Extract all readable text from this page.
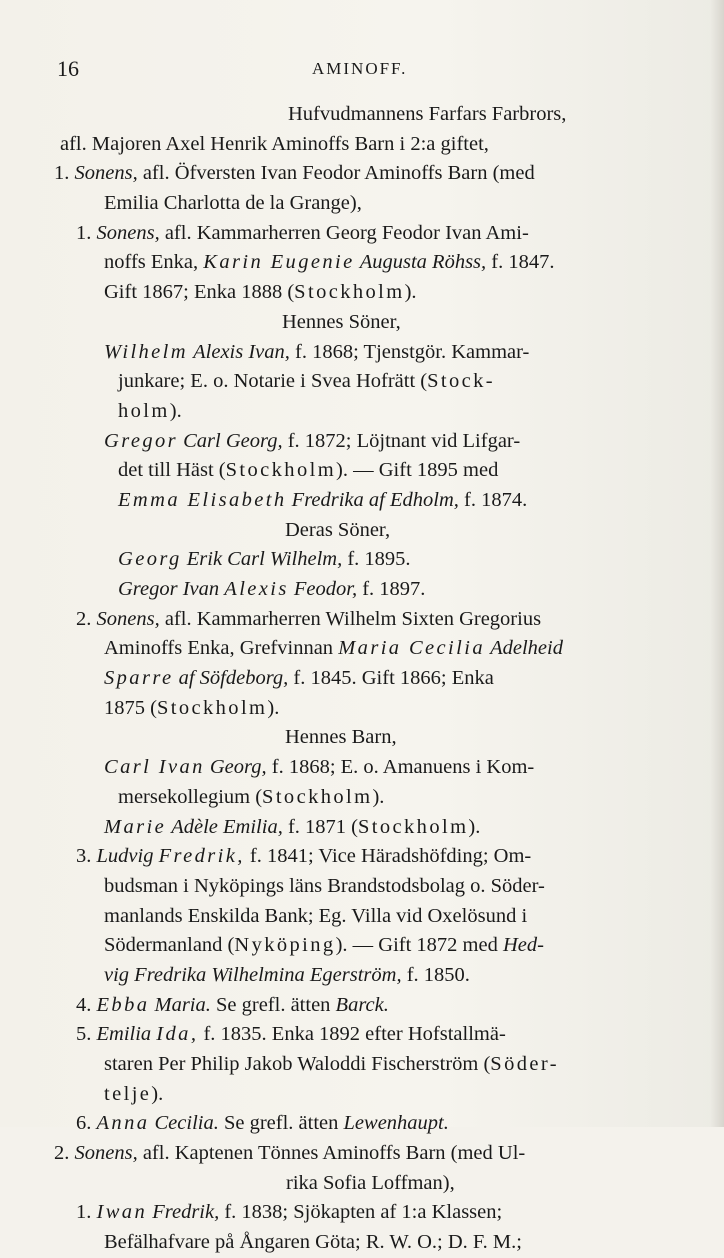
16	AMINOFF.
Hufvudmannens Farfars Farbrors,
afl. Majoren Axel Henrik Aminoffs Barn i 2:a giftet,
1. Sonens, afl. Öfversten Ivan Feodor Aminoffs Barn (med
Emilia Charlotta de la Grange),
1. Sonens, afl. Kammarherren Georg Feodor Ivan Ami-
noffs Enka, Karin Eugenie Augusta Röhss, f. 1847.
Gift 1867; Enka 1888 (Stockholm).
Hennes Söner,
Wilhelm Alexis Ivan, f. 1868; Tjenstgör. Kammar-
junkare; E. o. Notarie i Svea Hofrätt (Stock-
holm).
Gregor Carl Georg, f. 1872; Löjtnant vid Lifgar-
det till Häst (Stockholm). — Gift 1895 med
Emma Elisabeth Fredrika af Edholm, f. 1874.
Deras Söner,
Georg Erik Carl Wilhelm, f. 1895.
Gregor Ivan Alexis Feodor, f. 1897.
2. Sonens, afl. Kammarherren Wilhelm Sixten Gregorius
Aminoffs Enka, Grefvinnan Maria Cecilia Adelheid
Sparre af Söfdeborg, f. 1845. Gift 1866; Enka
1875 (Stockholm).
Hennes Barn,
Carl Ivan Georg, f. 1868; E. o. Amanuens i Kom-
mersekollegium (Stockholm).
Marie Adèle Emilia, f. 1871 (Stockholm).
3. Ludvig Fredrik, f. 1841; Vice Häradshöfding; Om-
budsman i Nyköpings läns Brandstodsbolag o. Söder-
manlands Enskilda Bank; Eg. Villa vid Oxelösund i
Södermanland (Nyköping). — Gift 1872 med Hed-
vig Fredrika Wilhelmina Egerström, f. 1850.
4. Ebba Maria. Se grefl. ätten Barck.
5. Emilia Ida, f. 1835. Enka 1892 efter Hofstallmä-
staren Per Philip Jakob Waloddi Fischerström (Söder-
telje).
6. Anna Cecilia. Se grefl. ätten Lewenhaupt.
2. Sonens, afl. Kaptenen Tönnes Aminoffs Barn (med Ul-
rika Sofia Loffman),
1. Iwan Fredrik, f. 1838; Sjökapten af 1:a Klassen;
Befälhafvare på Ångaren Göta; R. W. O.; D. F. M.;
